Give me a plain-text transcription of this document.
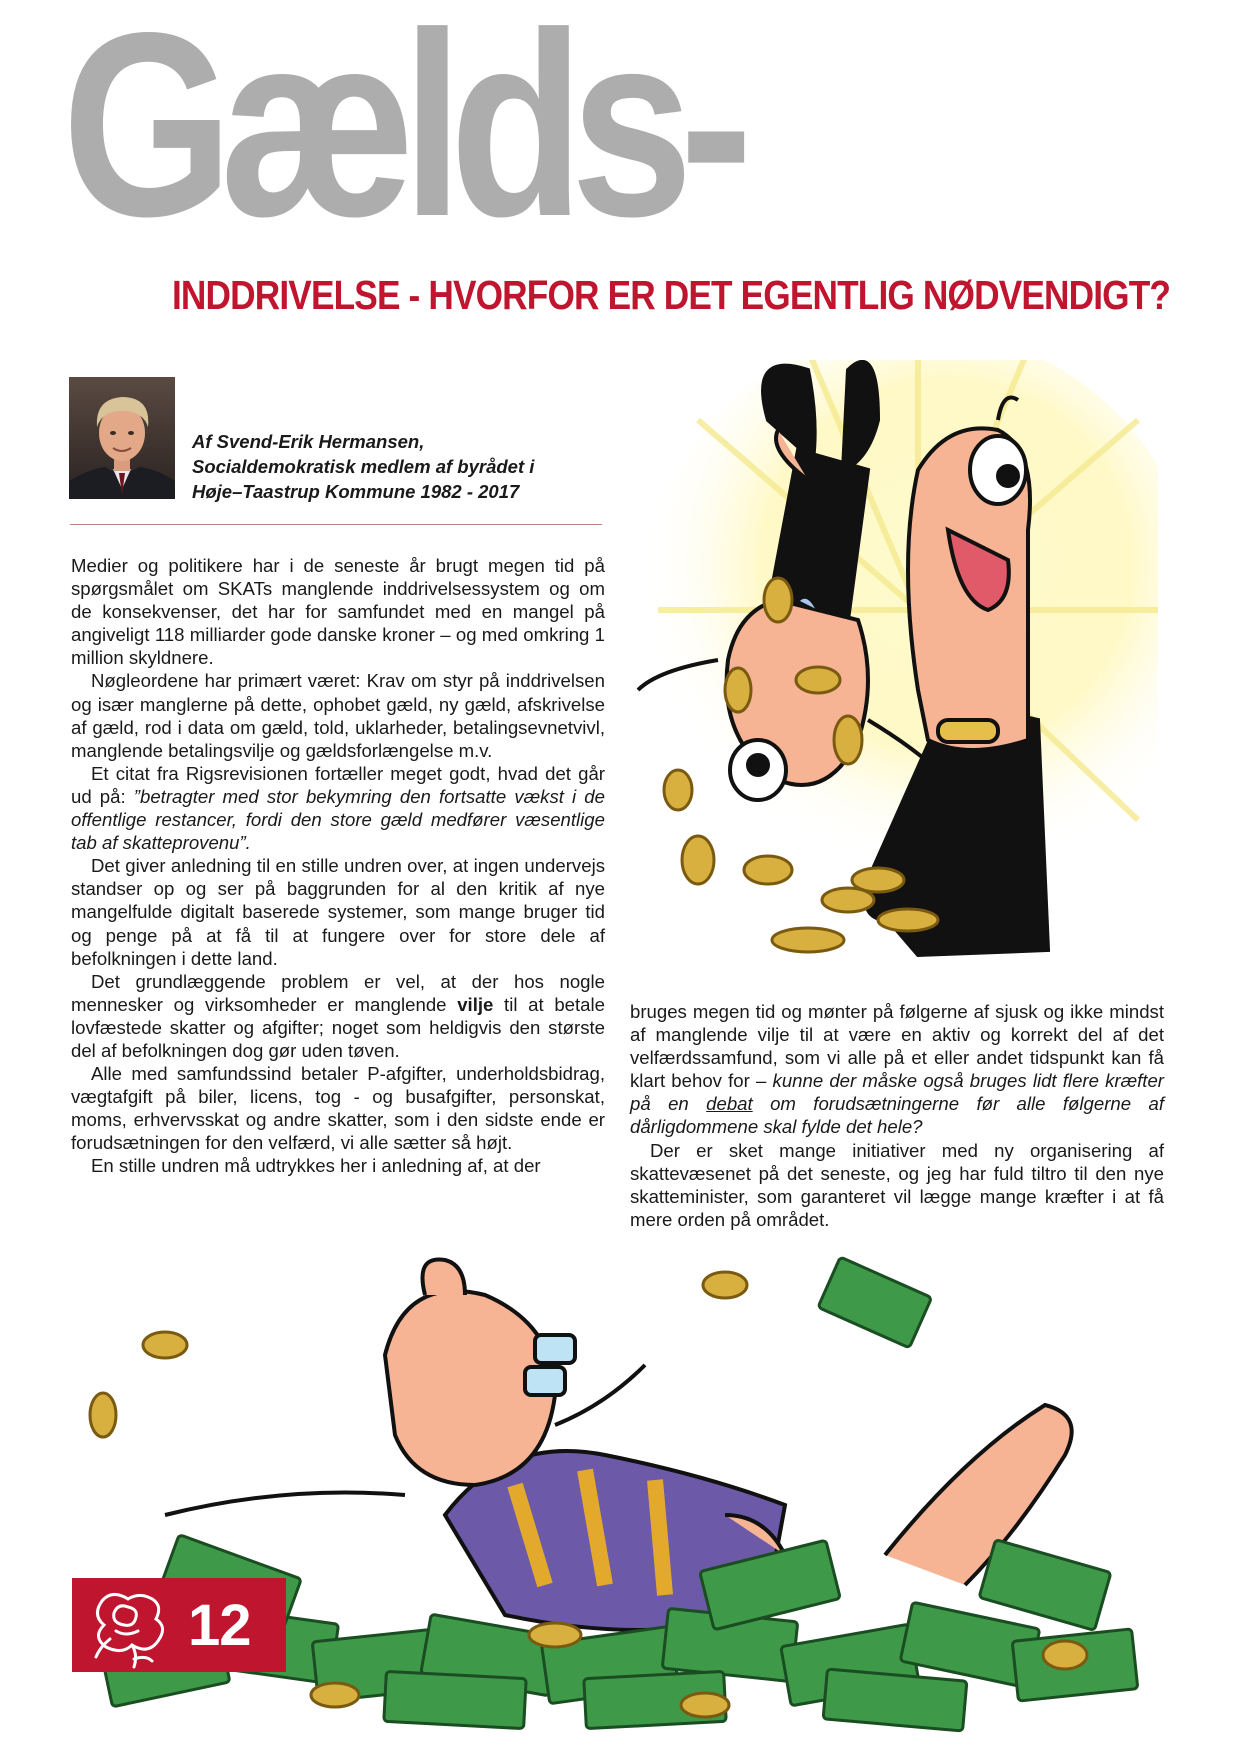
Gælds-
INDDRIVELSE - HVORFOR ER DET EGENTLIG NØDVENDIGT?
Af Svend-Erik Hermansen,
Socialdemokratisk medlem af byrådet i
Høje–Taastrup Kommune 1982 - 2017

Medier og politikere har i de seneste år brugt megen tid på spørgsmålet om SKATs manglende inddrivelsessystem og om de konsekvenser, det har for samfundet med en mangel på angiveligt 118 milliarder gode danske kroner – og med omkring 1 million skyldnere.

Nøgleordene har primært været: Krav om styr på inddrivelsen og især manglerne på dette, ophobet gæld, ny gæld, afskrivelse af gæld, rod i data om gæld, told, uklarheder, betalingsevnetvivl, manglende betalingsvilje og gældsforlængelse m.v.

Et citat fra Rigsrevisionen fortæller meget godt, hvad det går ud på: ”betragter med stor bekymring den fortsatte vækst i de offentlige restancer, fordi den store gæld medfører væsentlige tab af skatteprovenu”.

Det giver anledning til en stille undren over, at ingen undervejs standser op og ser på baggrunden for al den kritik af nye mangelfulde digitalt baserede systemer, som mange bruger tid og penge på at få til at fungere over for store dele af befolkningen i dette land.

Det grundlæggende problem er vel, at der hos nogle mennesker og virksomheder er manglende vilje til at betale lovfæstede skatter og afgifter; noget som heldigvis den største del af befolkningen dog gør uden tøven.

Alle med samfundssind betaler P-afgifter, underholdsbidrag, vægtafgift på biler, licens, tog - og busafgifter, personskat, moms, erhvervsskat og andre skatter, som i den sidste ende er forudsætningen for den velfærd, vi alle sætter så højt.

En stille undren må udtrykkes her i anledning af, at der

bruges megen tid og mønter på følgerne af sjusk og ikke mindst af manglende vilje til at være en aktiv og korrekt del af det velfærdssamfund, som vi alle på et eller andet tidspunkt kan få klart behov for – kunne der måske også bruges lidt flere kræfter på en debat om forudsætningerne før alle følgerne af dårligdommene skal fylde det hele?

Der er sket mange initiativer med ny organisering af skattevæsenet på det seneste, og jeg har fuld tiltro til den nye skatteminister, som garanteret vil lægge mange kræfter i at få mere orden på området.

12
